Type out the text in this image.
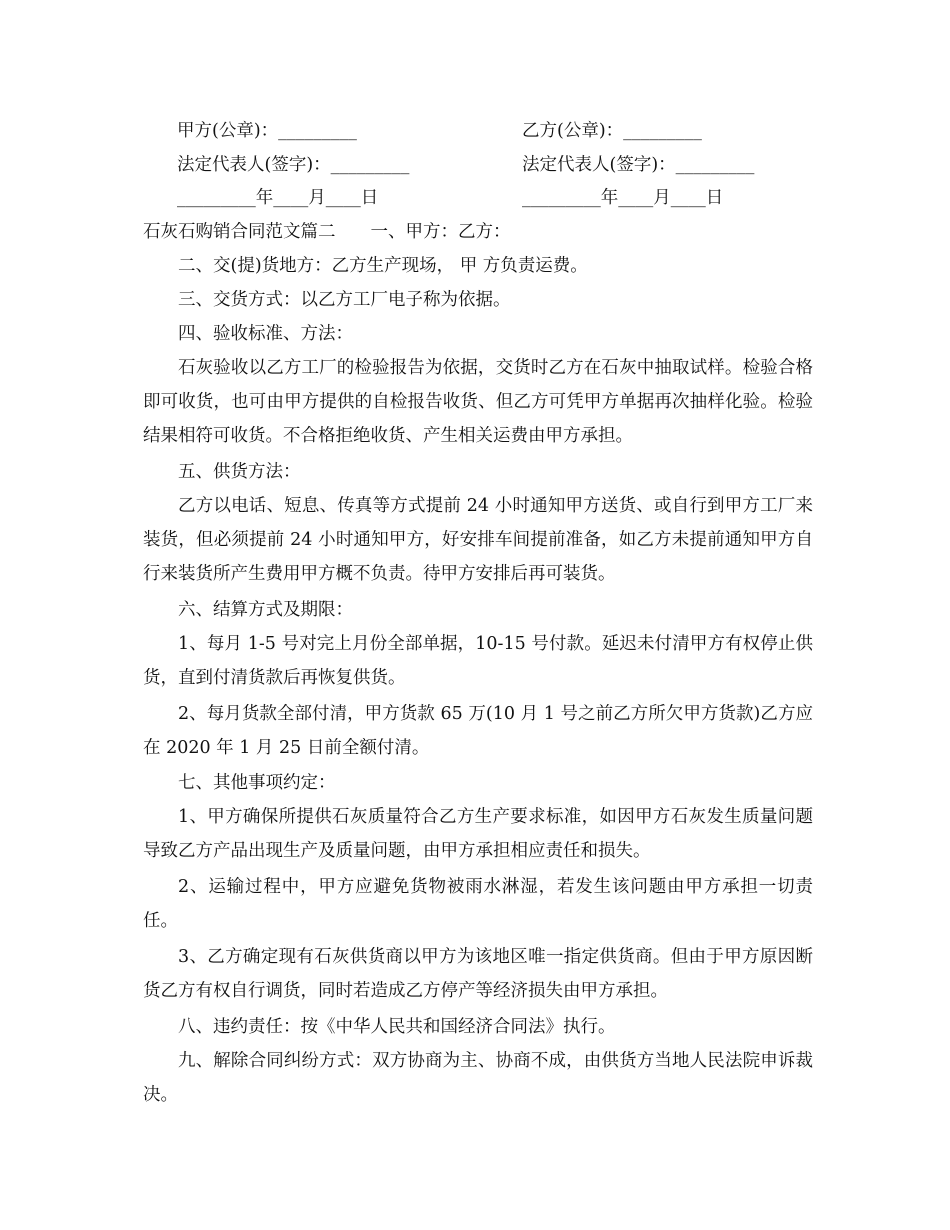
甲方(公章)：_________	乙方(公章)：_________
法定代表人(签字)：_________	法定代表人(签字)：_________
_________年____月____日	_________年____月____日
石灰石购销合同范文篇二　　一、甲方：乙方：
二、交(提)货地方：乙方生产现场， 甲 方负责运费。
三、交货方式：以乙方工厂电子称为依据。
四、验收标准、方法：
石灰验收以乙方工厂的检验报告为依据，交货时乙方在石灰中抽取试样。检验合格即可收货，也可由甲方提供的自检报告收货、但乙方可凭甲方单据再次抽样化验。检验结果相符可收货。不合格拒绝收货、产生相关运费由甲方承担。
五、供货方法：
乙方以电话、短息、传真等方式提前 24 小时通知甲方送货、或自行到甲方工厂来装货，但必须提前 24 小时通知甲方，好安排车间提前准备，如乙方未提前通知甲方自行来装货所产生费用甲方概不负责。待甲方安排后再可装货。
六、结算方式及期限：
1、每月 1-5 号对完上月份全部单据，10-15 号付款。延迟未付清甲方有权停止供货，直到付清货款后再恢复供货。
2、每月货款全部付清，甲方货款 65 万(10 月 1 号之前乙方所欠甲方货款)乙方应在 2020 年 1 月 25 日前全额付清。
七、其他事项约定：
1、甲方确保所提供石灰质量符合乙方生产要求标准，如因甲方石灰发生质量问题导致乙方产品出现生产及质量问题，由甲方承担相应责任和损失。
2、运输过程中，甲方应避免货物被雨水淋湿，若发生该问题由甲方承担一切责任。
3、乙方确定现有石灰供货商以甲方为该地区唯一指定供货商。但由于甲方原因断货乙方有权自行调货，同时若造成乙方停产等经济损失由甲方承担。
八、违约责任：按《中华人民共和国经济合同法》执行。
九、解除合同纠纷方式：双方协商为主、协商不成，由供货方当地人民法院申诉裁决。
